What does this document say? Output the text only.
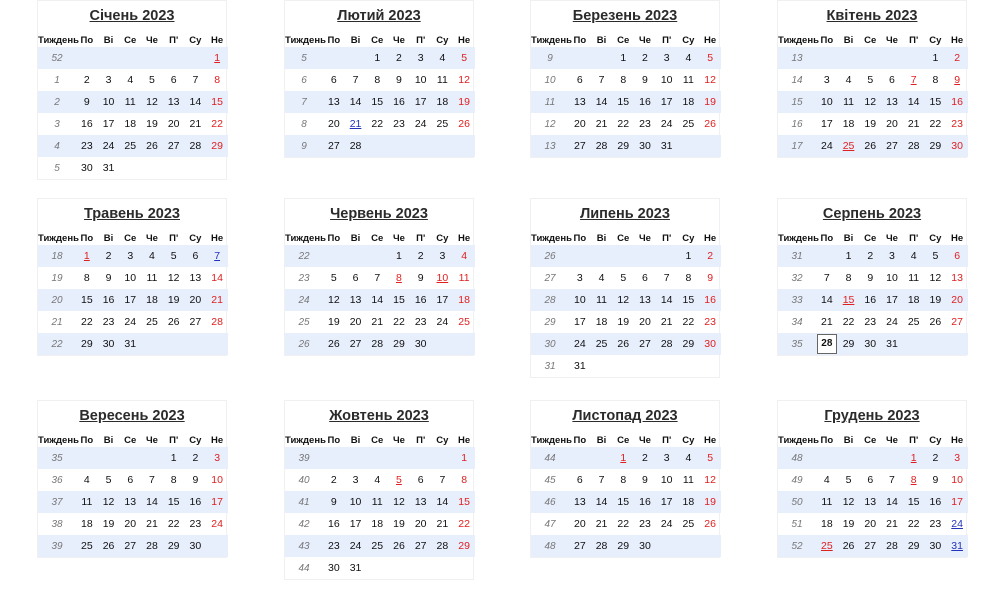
Січень 2023
Тиждень	По	Ві	Се	Че	П'	Су	Не
52							1
1	2	3	4	5	6	7	8
2	9	10	11	12	13	14	15
3	16	17	18	19	20	21	22
4	23	24	25	26	27	28	29
5	30	31					
Лютий 2023
Тиждень	По	Ві	Се	Че	П'	Су	Не
5			1	2	3	4	5
6	6	7	8	9	10	11	12
7	13	14	15	16	17	18	19
8	20	21	22	23	24	25	26
9	27	28					
Березень 2023
Тиждень	По	Ві	Се	Че	П'	Су	Не
9			1	2	3	4	5
10	6	7	8	9	10	11	12
11	13	14	15	16	17	18	19
12	20	21	22	23	24	25	26
13	27	28	29	30	31		
Квітень 2023
Тиждень	По	Ві	Се	Че	П'	Су	Не
13						1	2
14	3	4	5	6	7	8	9
15	10	11	12	13	14	15	16
16	17	18	19	20	21	22	23
17	24	25	26	27	28	29	30
Травень 2023
Тиждень	По	Ві	Се	Че	П'	Су	Не
18	1	2	3	4	5	6	7
19	8	9	10	11	12	13	14
20	15	16	17	18	19	20	21
21	22	23	24	25	26	27	28
22	29	30	31				
Червень 2023
Тиждень	По	Ві	Се	Че	П'	Су	Не
22				1	2	3	4
23	5	6	7	8	9	10	11
24	12	13	14	15	16	17	18
25	19	20	21	22	23	24	25
26	26	27	28	29	30		
Липень 2023
Тиждень	По	Ві	Се	Че	П'	Су	Не
26						1	2
27	3	4	5	6	7	8	9
28	10	11	12	13	14	15	16
29	17	18	19	20	21	22	23
30	24	25	26	27	28	29	30
31	31						
Серпень 2023
Тиждень	По	Ві	Се	Че	П'	Су	Не
31		1	2	3	4	5	6
32	7	8	9	10	11	12	13
33	14	15	16	17	18	19	20
34	21	22	23	24	25	26	27
35	28	29	30	31			
Вересень 2023
Тиждень	По	Ві	Се	Че	П'	Су	Не
35					1	2	3
36	4	5	6	7	8	9	10
37	11	12	13	14	15	16	17
38	18	19	20	21	22	23	24
39	25	26	27	28	29	30	
Жовтень 2023
Тиждень	По	Ві	Се	Че	П'	Су	Не
39							1
40	2	3	4	5	6	7	8
41	9	10	11	12	13	14	15
42	16	17	18	19	20	21	22
43	23	24	25	26	27	28	29
44	30	31					
Листопад 2023
Тиждень	По	Ві	Се	Че	П'	Су	Не
44			1	2	3	4	5
45	6	7	8	9	10	11	12
46	13	14	15	16	17	18	19
47	20	21	22	23	24	25	26
48	27	28	29	30			
Грудень 2023
Тиждень	По	Ві	Се	Че	П'	Су	Не
48					1	2	3
49	4	5	6	7	8	9	10
50	11	12	13	14	15	16	17
51	18	19	20	21	22	23	24
52	25	26	27	28	29	30	31
